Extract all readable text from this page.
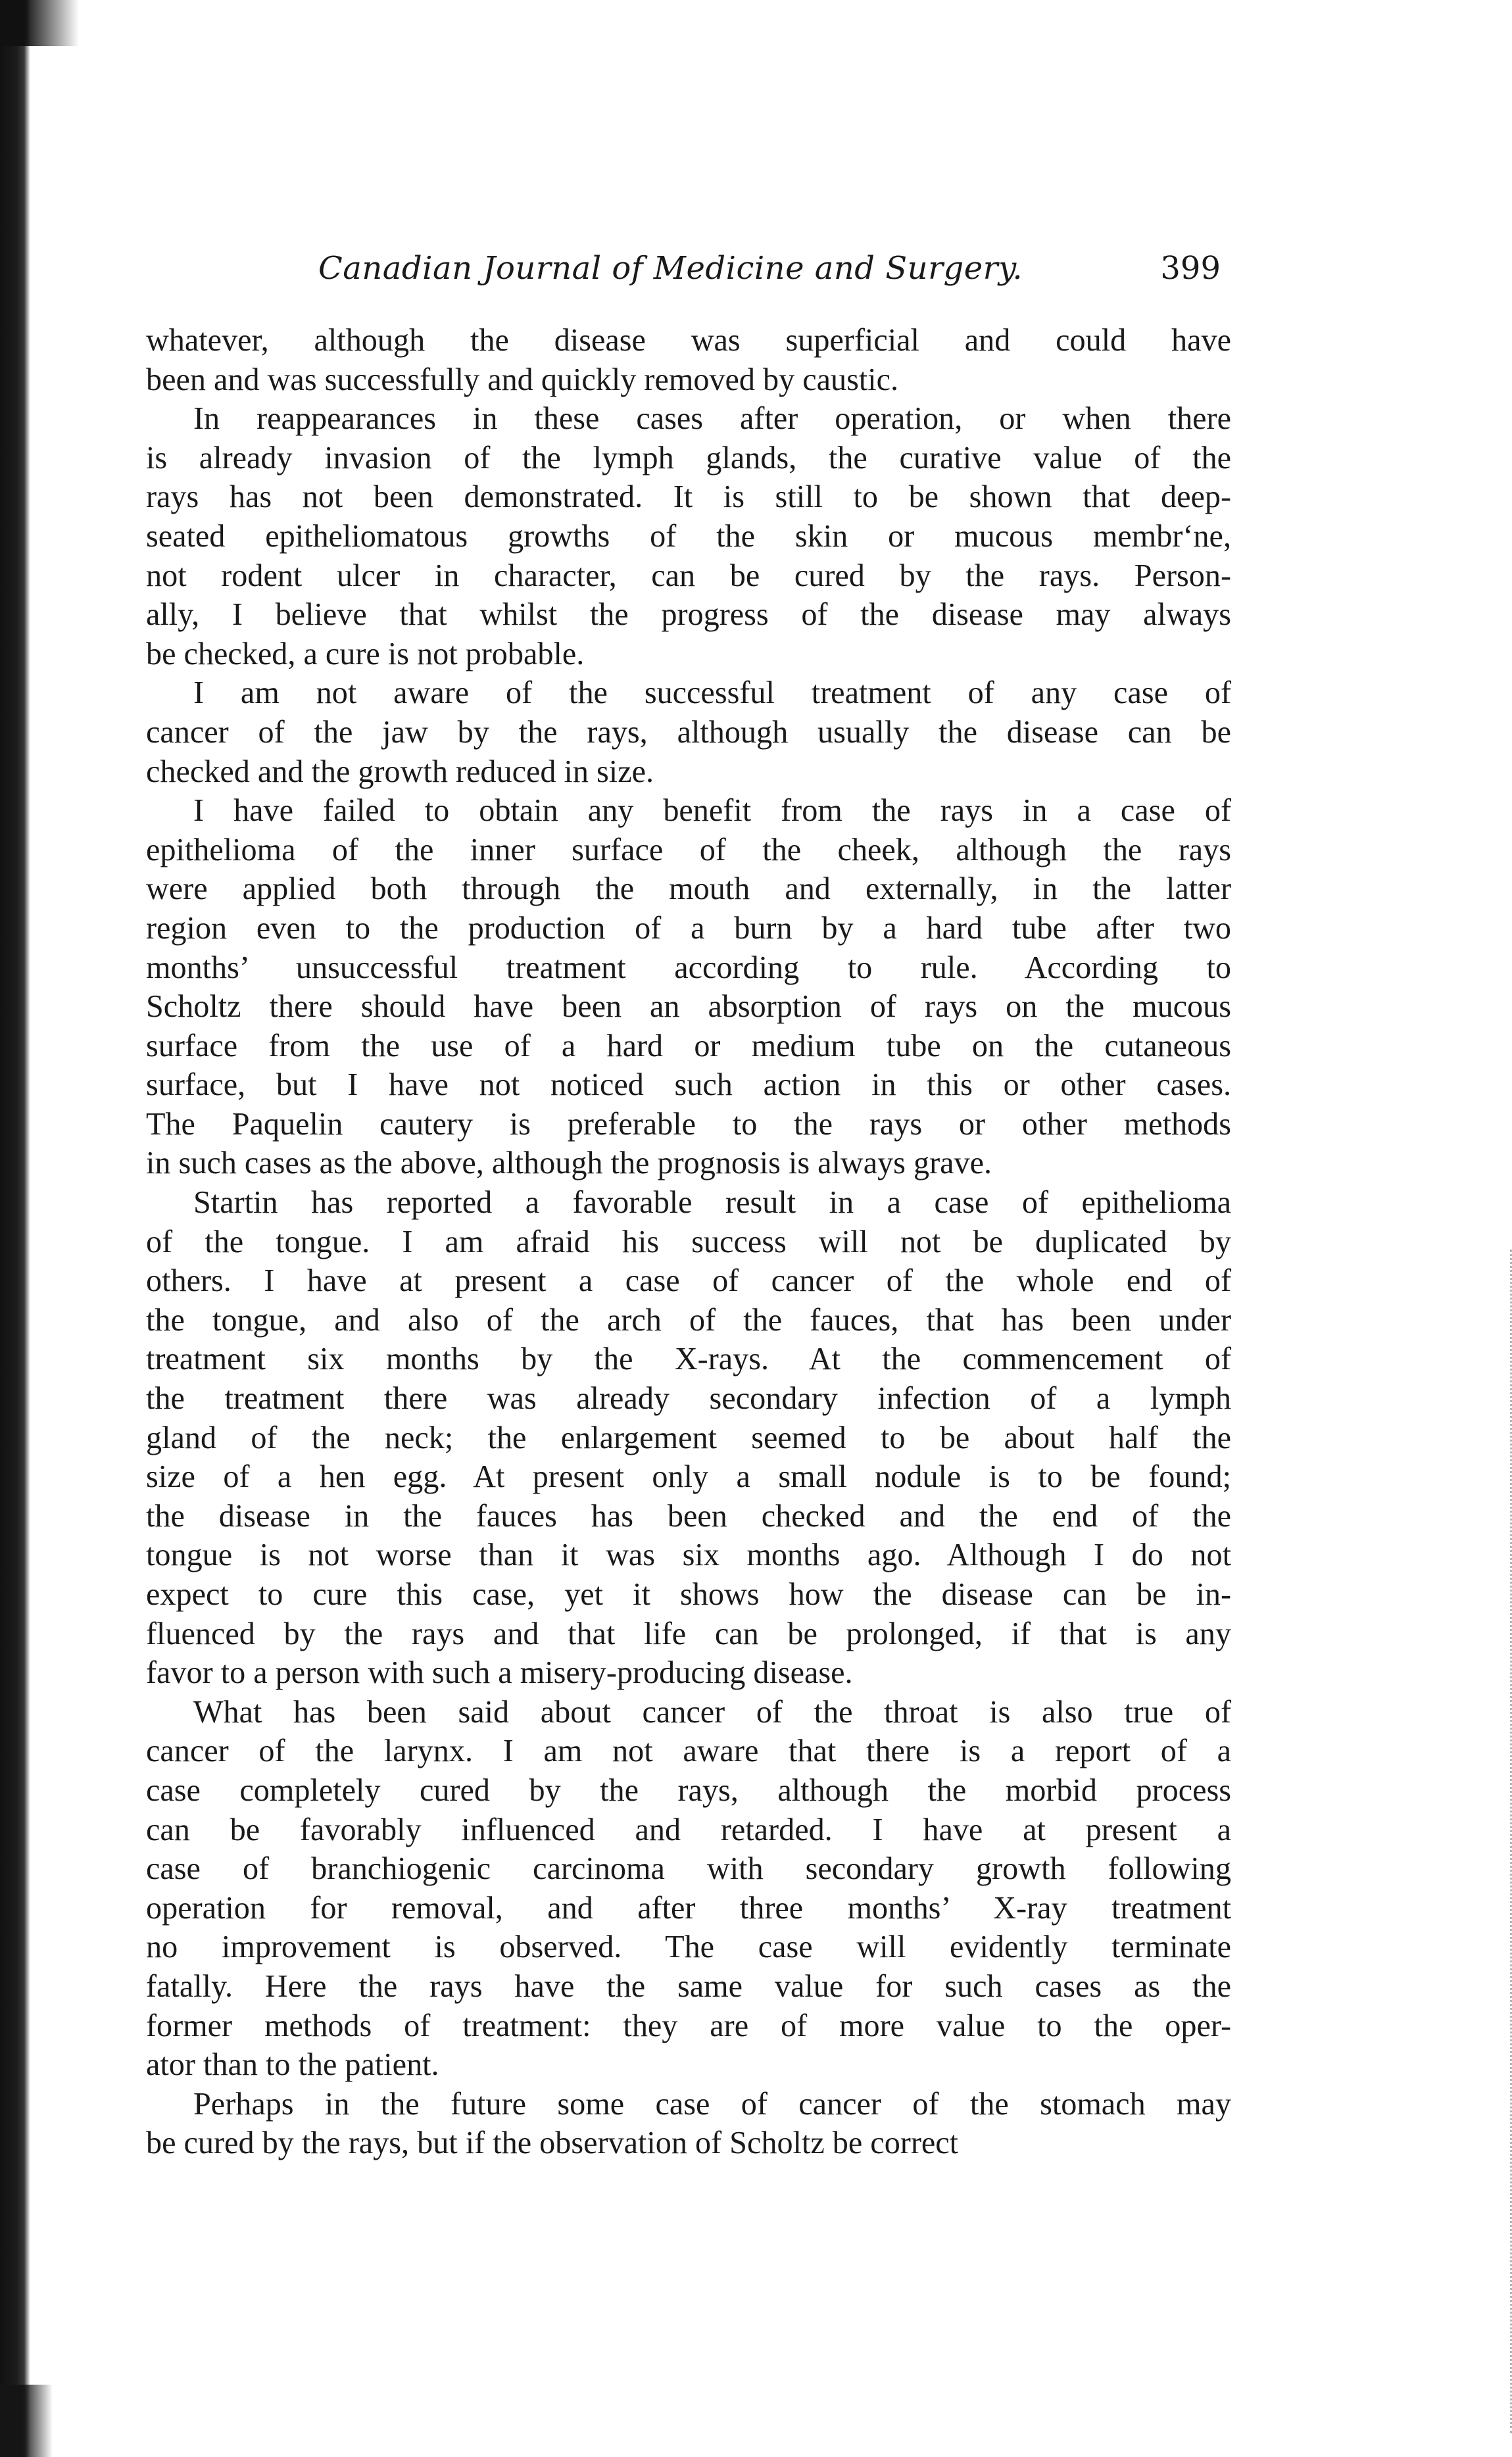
Canadian Journal of Medicine and Surgery.	399

whatever, although the disease was superficial and could have
been and was successfully and quickly removed by caustic.

In reappearances in these cases after operation, or when there
is already invasion of the lymph glands, the curative value of the
rays has not been demonstrated. It is still to be shown that deep-
seated epitheliomatous growths of the skin or mucous membr‘ne,
not rodent ulcer in character, can be cured by the rays. Person-
ally, I believe that whilst the progress of the disease may always
be checked, a cure is not probable.

I am not aware of the successful treatment of any case of
cancer of the jaw by the rays, although usually the disease can be
checked and the growth reduced in size.

I have failed to obtain any benefit from the rays in a case of
epithelioma of the inner surface of the cheek, although the rays
were applied both through the mouth and externally, in the latter
region even to the production of a burn by a hard tube after two
months’ unsuccessful treatment according to rule. According to
Scholtz there should have been an absorption of rays on the mucous
surface from the use of a hard or medium tube on the cutaneous
surface, but I have not noticed such action in this or other cases.
The Paquelin cautery is preferable to the rays or other methods
in such cases as the above, although the prognosis is always grave.

Startin has reported a favorable result in a case of epithelioma
of the tongue. I am afraid his success will not be duplicated by
others. I have at present a case of cancer of the whole end of
the tongue, and also of the arch of the fauces, that has been under
treatment six months by the X-rays. At the commencement of
the treatment there was already secondary infection of a lymph
gland of the neck; the enlargement seemed to be about half the
size of a hen egg. At present only a small nodule is to be found;
the disease in the fauces has been checked and the end of the
tongue is not worse than it was six months ago. Although I do not
expect to cure this case, yet it shows how the disease can be in-
fluenced by the rays and that life can be prolonged, if that is any
favor to a person with such a misery-producing disease.

What has been said about cancer of the throat is also true of
cancer of the larynx. I am not aware that there is a report of a
case completely cured by the rays, although the morbid process
can be favorably influenced and retarded. I have at present a
case of branchiogenic carcinoma with secondary growth following
operation for removal, and after three months’ X-ray treatment
no improvement is observed. The case will evidently terminate
fatally. Here the rays have the same value for such cases as the
former methods of treatment: they are of more value to the oper-
ator than to the patient.

Perhaps in the future some case of cancer of the stomach may
be cured by the rays, but if the observation of Scholtz be correct
